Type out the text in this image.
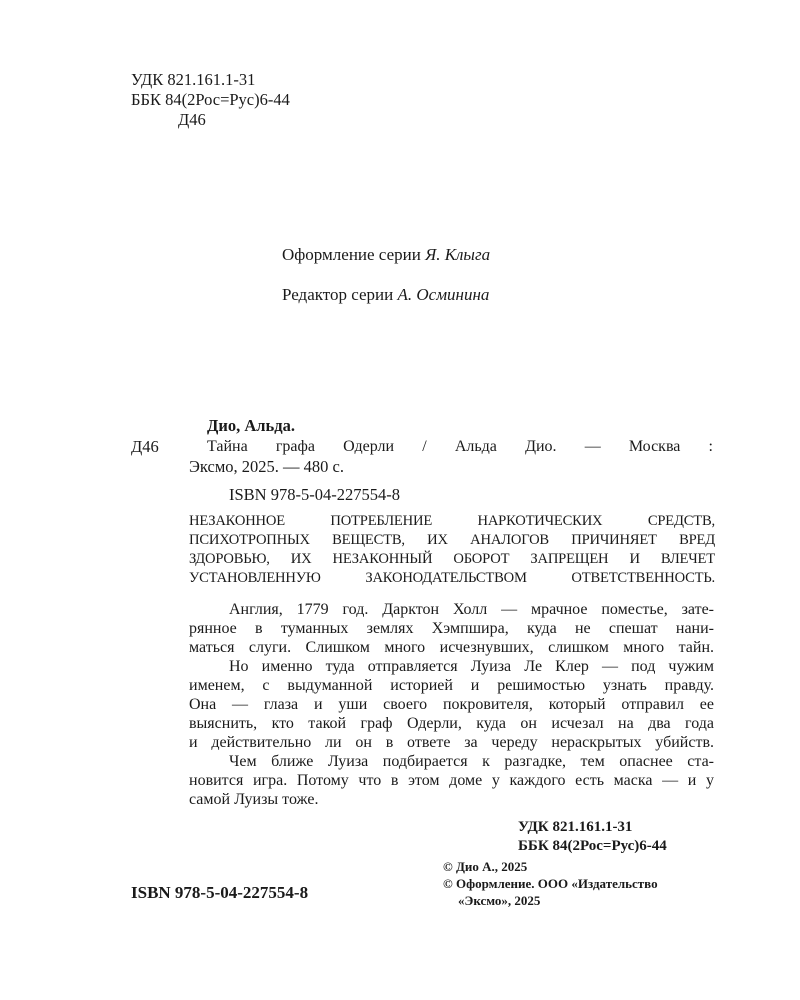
УДК 821.161.1-31
ББК 84(2Рос=Рус)6-44
Д46
Оформление серии Я. Клыга
Редактор серии А. Осминина
Дио, Альда.
Д46	Тайна графа Одерли / Альда Дио. — Москва :
Эксмо, 2025. — 480 с.
ISBN 978-5-04-227554-8
НЕЗАКОННОЕ ПОТРЕБЛЕНИЕ НАРКОТИЧЕСКИХ СРЕДСТВ,
ПСИХОТРОПНЫХ ВЕЩЕСТВ, ИХ АНАЛОГОВ ПРИЧИНЯЕТ ВРЕД
ЗДОРОВЬЮ, ИХ НЕЗАКОННЫЙ ОБОРОТ ЗАПРЕЩЕН И ВЛЕЧЕТ
УСТАНОВЛЕННУЮ ЗАКОНОДАТЕЛЬСТВОМ ОТВЕТСТВЕННОСТЬ.
Англия, 1779 год. Дарктон Холл — мрачное поместье, зате-
рянное в туманных землях Хэмпшира, куда не спешат нани-
маться слуги. Слишком много исчезнувших, слишком много тайн.
Но именно туда отправляется Луиза Ле Клер — под чужим
именем, с выдуманной историей и решимостью узнать правду.
Она — глаза и уши своего покровителя, который отправил ее
выяснить, кто такой граф Одерли, куда он исчезал на два года
и действительно ли он в ответе за череду нераскрытых убийств.
Чем ближе Луиза подбирается к разгадке, тем опаснее ста-
новится игра. Потому что в этом доме у каждого есть маска — и у
самой Луизы тоже.
УДК 821.161.1-31
ББК 84(2Рос=Рус)6-44
© Дио А., 2025
© Оформление. ООО «Издательство
«Эксмо», 2025
ISBN 978-5-04-227554-8
